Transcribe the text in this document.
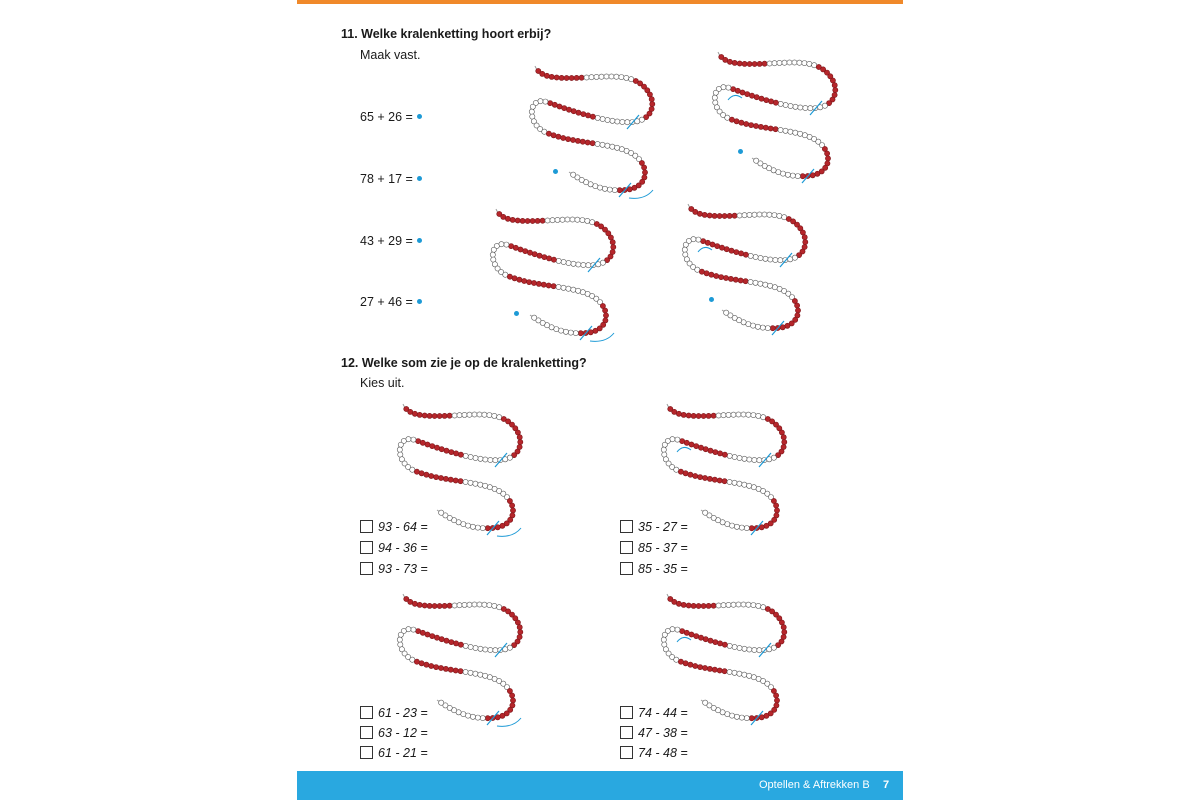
11. Welke kralenketting hoort erbij?
Maak vast.
65 + 26 =
78 + 17 =
43 + 29 =
27 + 46 =
12. Welke som zie je op de kralenketting?
Kies uit.
93 - 64 =
94 - 36 =
93 - 73 =
35 - 27 =
85 - 37 =
85 - 35 =
61 - 23 =
63 - 12 =
61 - 21 =
74 - 44 =
47 - 38 =
74 - 48 =
Optellen & Aftrekken B 7
